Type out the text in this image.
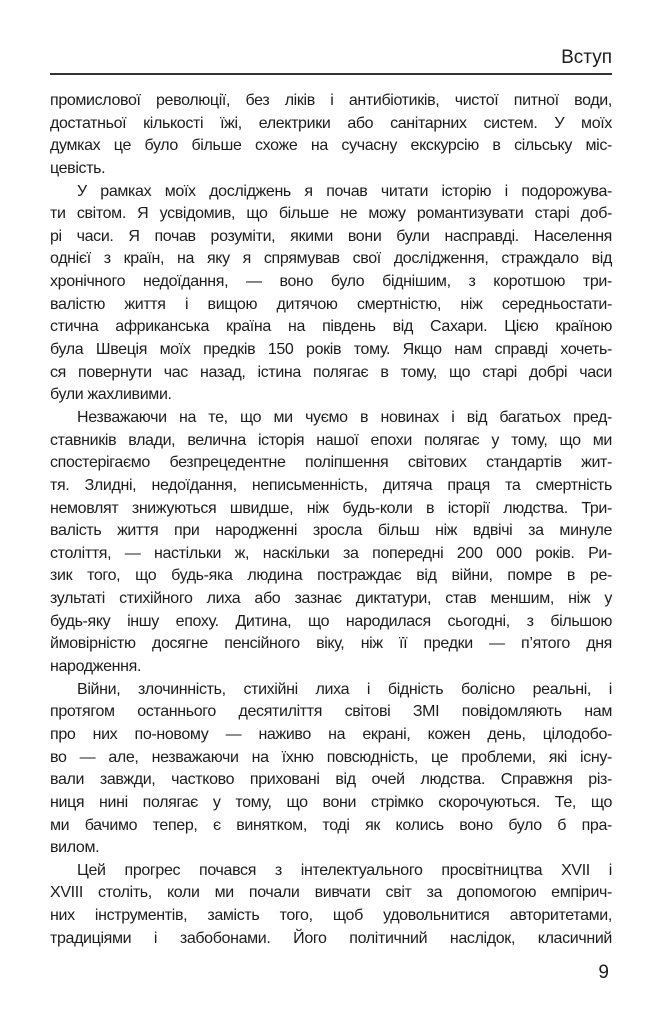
Вступ
промислової революції, без ліків і антибіотиків, чистої питної води,
достатньої кількості їжі, електрики або санітарних систем. У моїх
думках це було більше схоже на сучасну екскурсію в сільську міс-
цевість.
У рамках моїх досліджень я почав читати історію і подорожува-
ти світом. Я усвідомив, що більше не можу романтизувати старі доб-
рі часи. Я почав розуміти, якими вони були насправді. Населення
однієї з країн, на яку я спрямував свої дослідження, страждало від
хронічного недоїдання, — воно було біднішим, з коротшою три-
валістю життя і вищою дитячою смертністю, ніж середньостати-
стична африканська країна на південь від Сахари. Цією країною
була Швеція моїх предків 150 років тому. Якщо нам справді хочеть-
ся повернути час назад, істина полягає в тому, що старі добрі часи
були жахливими.
Незважаючи на те, що ми чуємо в новинах і від багатьох пред-
ставників влади, велична історія нашої епохи полягає у тому, що ми
спостерігаємо безпрецедентне поліпшення світових стандартів жит-
тя. Злидні, недоїдання, неписьменність, дитяча праця та смертність
немовлят знижуються швидше, ніж будь-коли в історії людства. Три-
валість життя при народженні зросла більш ніж вдвічі за минуле
століття, — настільки ж, наскільки за попередні 200 000 років. Ри-
зик того, що будь-яка людина постраждає від війни, помре в ре-
зультаті стихійного лиха або зазнає диктатури, став меншим, ніж у
будь-яку іншу епоху. Дитина, що народилася сьогодні, з більшою
ймовірністю досягне пенсійного віку, ніж її предки — п’ятого дня
народження.
Війни, злочинність, стихійні лиха і бідність болісно реальні, і
протягом останнього десятиліття світові ЗМІ повідомляють нам
про них по-новому — наживо на екрані, кожен день, цілодобо-
во — але, незважаючи на їхню повсюдність, це проблеми, які існу-
вали завжди, частково приховані від очей людства. Справжня різ-
ниця нині полягає у тому, що вони стрімко скорочуються. Те, що
ми бачимо тепер, є винятком, тоді як колись воно було б пра-
вилом.
Цей прогрес почався з інтелектуального просвітництва XVII і
XVIII століть, коли ми почали вивчати світ за допомогою емпірич-
них інструментів, замість того, щоб удовольнитися авторитетами,
традиціями і забобонами. Його політичний наслідок, класичний
9
